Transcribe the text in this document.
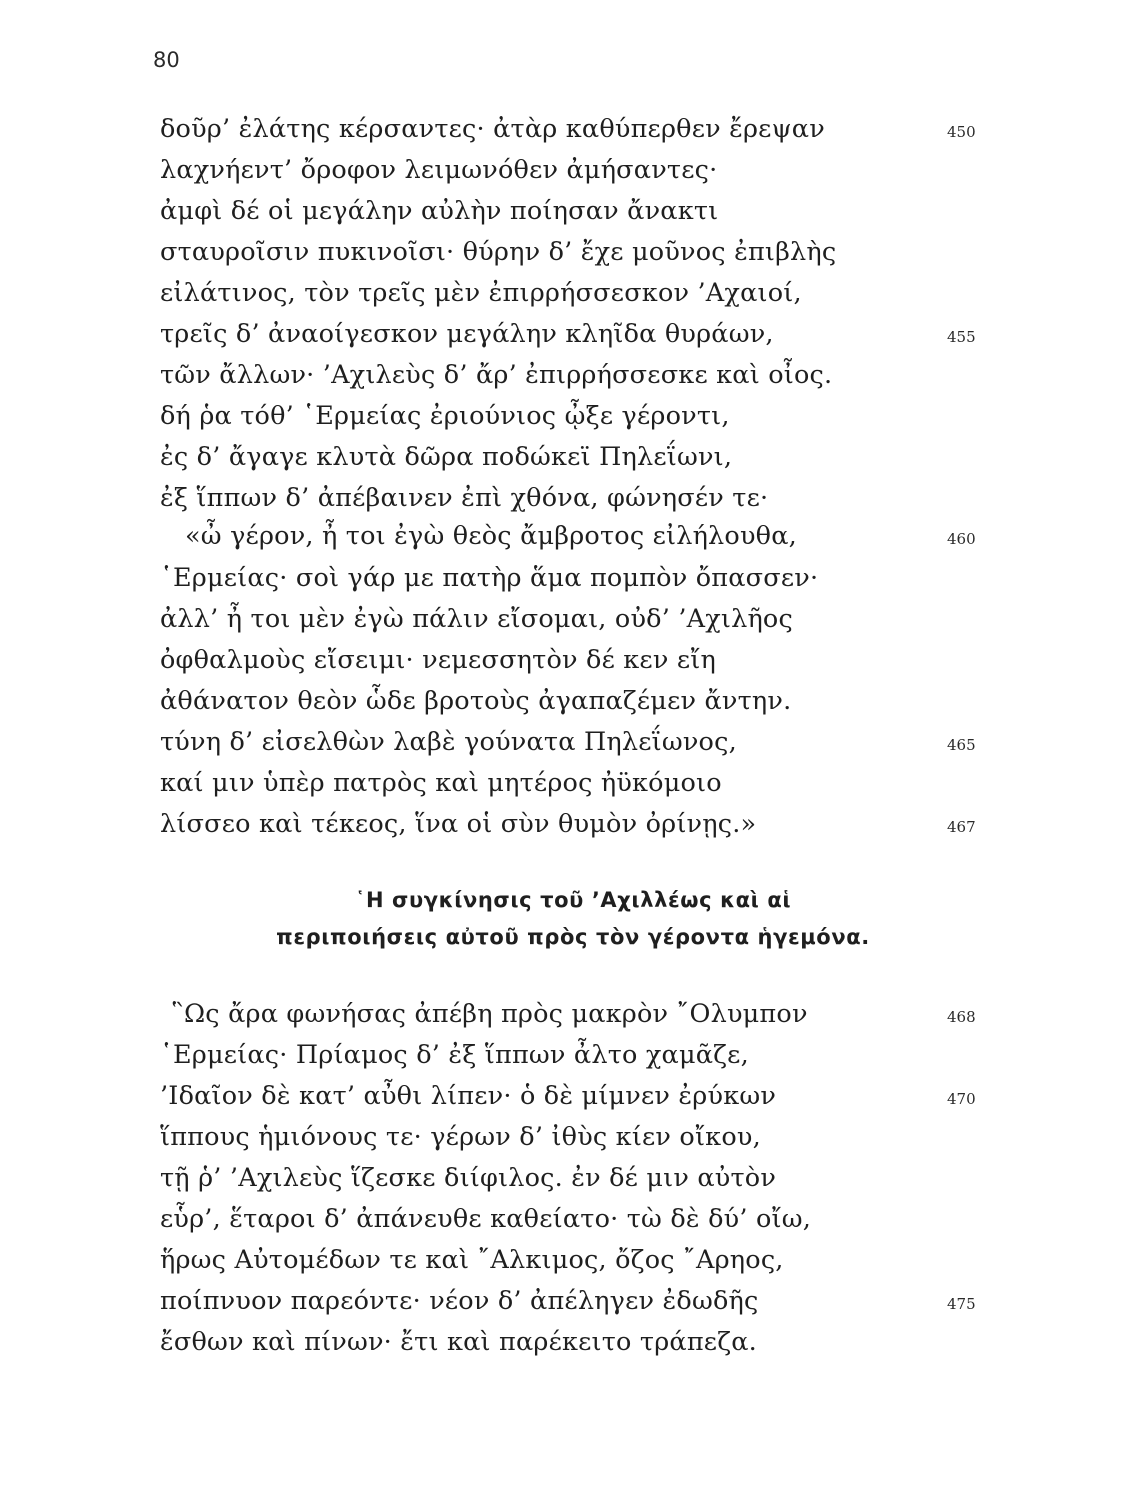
80
δοῦρ’ ἐλάτης κέρσαντες· ἀτὰρ καθύπερθεν ἔρεψαν
λαχνήεντ’ ὄροφον λειμωνόθεν ἀμήσαντες·
ἀμφὶ δέ οἱ μεγάλην αὐλὴν ποίησαν ἄνακτι
σταυροῖσιν πυκινοῖσι· θύρην δ’ ἔχε μοῦνος ἐπιβλὴς
εἰλάτινος, τὸν τρεῖς μὲν ἐπιρρήσσεσκον ’Αχαιοί,
τρεῖς δ’ ἀναοίγεσκον μεγάλην κληῖδα θυράων,
τῶν ἄλλων· ’Αχιλεὺς δ’ ἄρ’ ἐπιρρήσσεσκε καὶ οἶος.
δή ῥα τόθ’ ῾Ερμείας ἐριούνιος ᾦξε γέροντι,
ἐς δ’ ἄγαγε κλυτὰ δῶρα ποδώκεϊ Πηλεΐωνι,
ἐξ ἵππων δ’ ἀπέβαινεν ἐπὶ χθόνα, φώνησέν τε·
«ὦ γέρον, ἦ τοι ἐγὼ θεὸς ἄμβροτος εἰλήλουθα,
῾Ερμείας· σοὶ γάρ με πατὴρ ἅμα πομπὸν ὄπασσεν·
ἀλλ’ ἦ τοι μὲν ἐγὼ πάλιν εἴσομαι, οὐδ’ ’Αχιλῆος
ὀφθαλμοὺς εἴσειμι· νεμεσσητὸν δέ κεν εἴη
ἀθάνατον θεὸν ὧδε βροτοὺς ἀγαπαζέμεν ἄντην.
τύνη δ’ εἰσελθὼν λαβὲ γούνατα Πηλεΐωνος,
καί μιν ὑπὲρ πατρὸς καὶ μητέρος ἠϋκόμοιο
λίσσεο καὶ τέκεος, ἵνα οἱ σὺν θυμὸν ὀρίνῃς.»
450
455
460
465
467
῾Η συγκίνησις τοῦ ’Αχιλλέως καὶ αἱ
περιποιήσεις αὐτοῦ πρὸς τὸν γέροντα ἡγεμόνα.
῝Ως ἄρα φωνήσας ἀπέβη πρὸς μακρὸν ῎Ολυμπον
῾Ερμείας· Πρίαμος δ’ ἐξ ἵππων ἆλτο χαμᾶζε,
’Ιδαῖον δὲ κατ’ αὖθι λίπεν· ὁ δὲ μίμνεν ἐρύκων
ἵππους ἡμιόνους τε· γέρων δ’ ἰθὺς κίεν οἴκου,
τῇ ῥ’ ’Αχιλεὺς ἵζεσκε διίφιλος. ἐν δέ μιν αὐτὸν
εὗρ’, ἕταροι δ’ ἀπάνευθε καθείατο· τὼ δὲ δύ’ οἴω,
ἥρως Αὐτομέδων τε καὶ ῎Αλκιμος, ὄζος ῎Αρηος,
ποίπνυον παρεόντε· νέον δ’ ἀπέληγεν ἐδωδῆς
ἔσθων καὶ πίνων· ἔτι καὶ παρέκειτο τράπεζα.
468
470
475
